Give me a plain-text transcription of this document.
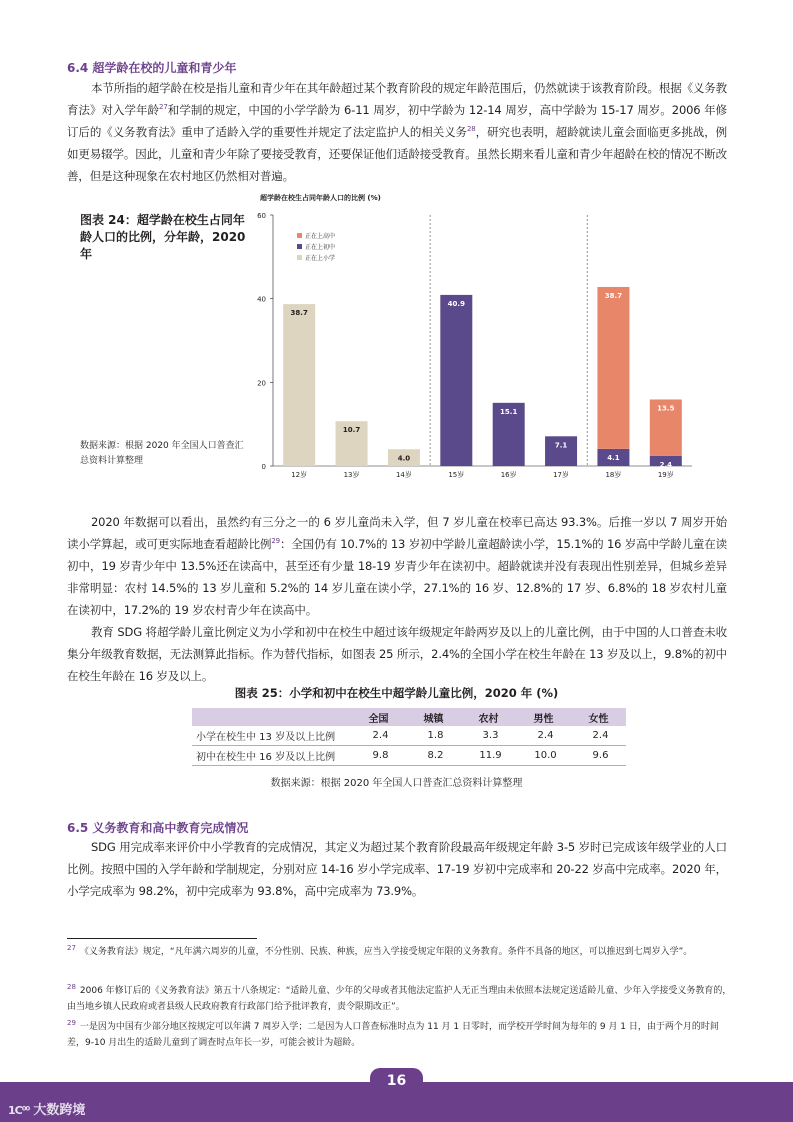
6.4 超学龄在校的儿童和青少年
本节所指的超学龄在校是指儿童和青少年在其年龄超过某个教育阶段的规定年龄范围后，仍然就读于该教育阶段。根据《义务教育法》对入学年龄$^{27}$和学制的规定，中国的小学学龄为 6-11 周岁，初中学龄为 12-14 周岁，高中学龄为 15-17 周岁。2006 年修订后的《义务教育法》重申了适龄入学的重要性并规定了法定监护人的相关义务$^{28}$，研究也表明，超龄就读儿童会面临更多挑战，例如更易辍学。因此，儿童和青少年除了要接受教育，还要保证他们适龄接受教育。虽然长期来看儿童和青少年超龄在校的情况不断改善，但是这种现象在农村地区仍然相对普遍。
图表 24：超学龄在校生占同年龄人口的比例，分年龄，2020 年
数据来源：根据 2020 年全国人口普查汇总资料计算整理
超学龄在校生占同年龄人口的比例 (%)
0
20
40
60
38.7
12岁
10.7
13岁
4.0
14岁
40.9
15岁
15.1
16岁
7.1
17岁
4.1
38.7
18岁
2.4
13.5
19岁
正在上高中
正在上初中
正在上小学
2020 年数据可以看出，虽然约有三分之一的 6 岁儿童尚未入学，但 7 岁儿童在校率已高达 93.3%。后推一岁以 7 周岁开始读小学算起，或可更实际地查看超龄比例$^{29}$：全国仍有 10.7%的 13 岁初中学龄儿童超龄读小学，15.1%的 16 岁高中学龄儿童在读初中，19 岁青少年中 13.5%还在读高中，甚至还有少量 18-19 岁青少年在读初中。超龄就读并没有表现出性别差异，但城乡差异非常明显：农村 14.5%的 13 岁儿童和 5.2%的 14 岁儿童在读小学，27.1%的 16 岁、12.8%的 17 岁、6.8%的 18 岁农村儿童在读初中，17.2%的 19 岁农村青少年在读高中。
教育 SDG 将超学龄儿童比例定义为小学和初中在校生中超过该年级规定年龄两岁及以上的儿童比例，由于中国的人口普查未收集分年级教育数据，无法测算此指标。作为替代指标，如图表 25 所示，2.4%的全国小学在校生年龄在 13 岁及以上，9.8%的初中在校生年龄在 16 岁及以上。
图表 25：小学和初中在校生中超学龄儿童比例，2020 年 (%)
	全国	城镇	农村	男性	女性
小学在校生中 13 岁及以上比例	2.4	1.8	3.3	2.4	2.4
初中在校生中 16 岁及以上比例	9.8	8.2	11.9	10.0	9.6
数据来源：根据 2020 年全国人口普查汇总资料计算整理
6.5 义务教育和高中教育完成情况
SDG 用完成率来评价中小学教育的完成情况，其定义为超过某个教育阶段最高年级规定年龄 3-5 岁时已完成该年级学业的人口比例。按照中国的入学年龄和学制规定，分别对应 14-16 岁小学完成率、17-19 岁初中完成率和 20-22 岁高中完成率。2020 年，小学完成率为 98.2%，初中完成率为 93.8%，高中完成率为 73.9%。
$^{27}$ 《义务教育法》规定，“凡年满六周岁的儿童，不分性别、民族、种族，应当入学接受规定年限的义务教育。条件不具备的地区，可以推迟到七周岁入学”。
$^{28}$ 2006 年修订后的《义务教育法》第五十八条规定：“适龄儿童、少年的父母或者其他法定监护人无正当理由未依照本法规定送适龄儿童、少年入学接受义务教育的，由当地乡镇人民政府或者县级人民政府教育行政部门给予批评教育，责令限期改正”。
$^{29}$ 一是因为中国有少部分地区按规定可以年满 7 周岁入学；二是因为人口普查标准时点为 11 月 1 日零时，而学校开学时间为每年的 9 月 1 日，由于两个月的时间差，9-10 月出生的适龄儿童到了调查时点年长一岁，可能会被计为超龄。
16
1C⁰⁰ 大数跨境
